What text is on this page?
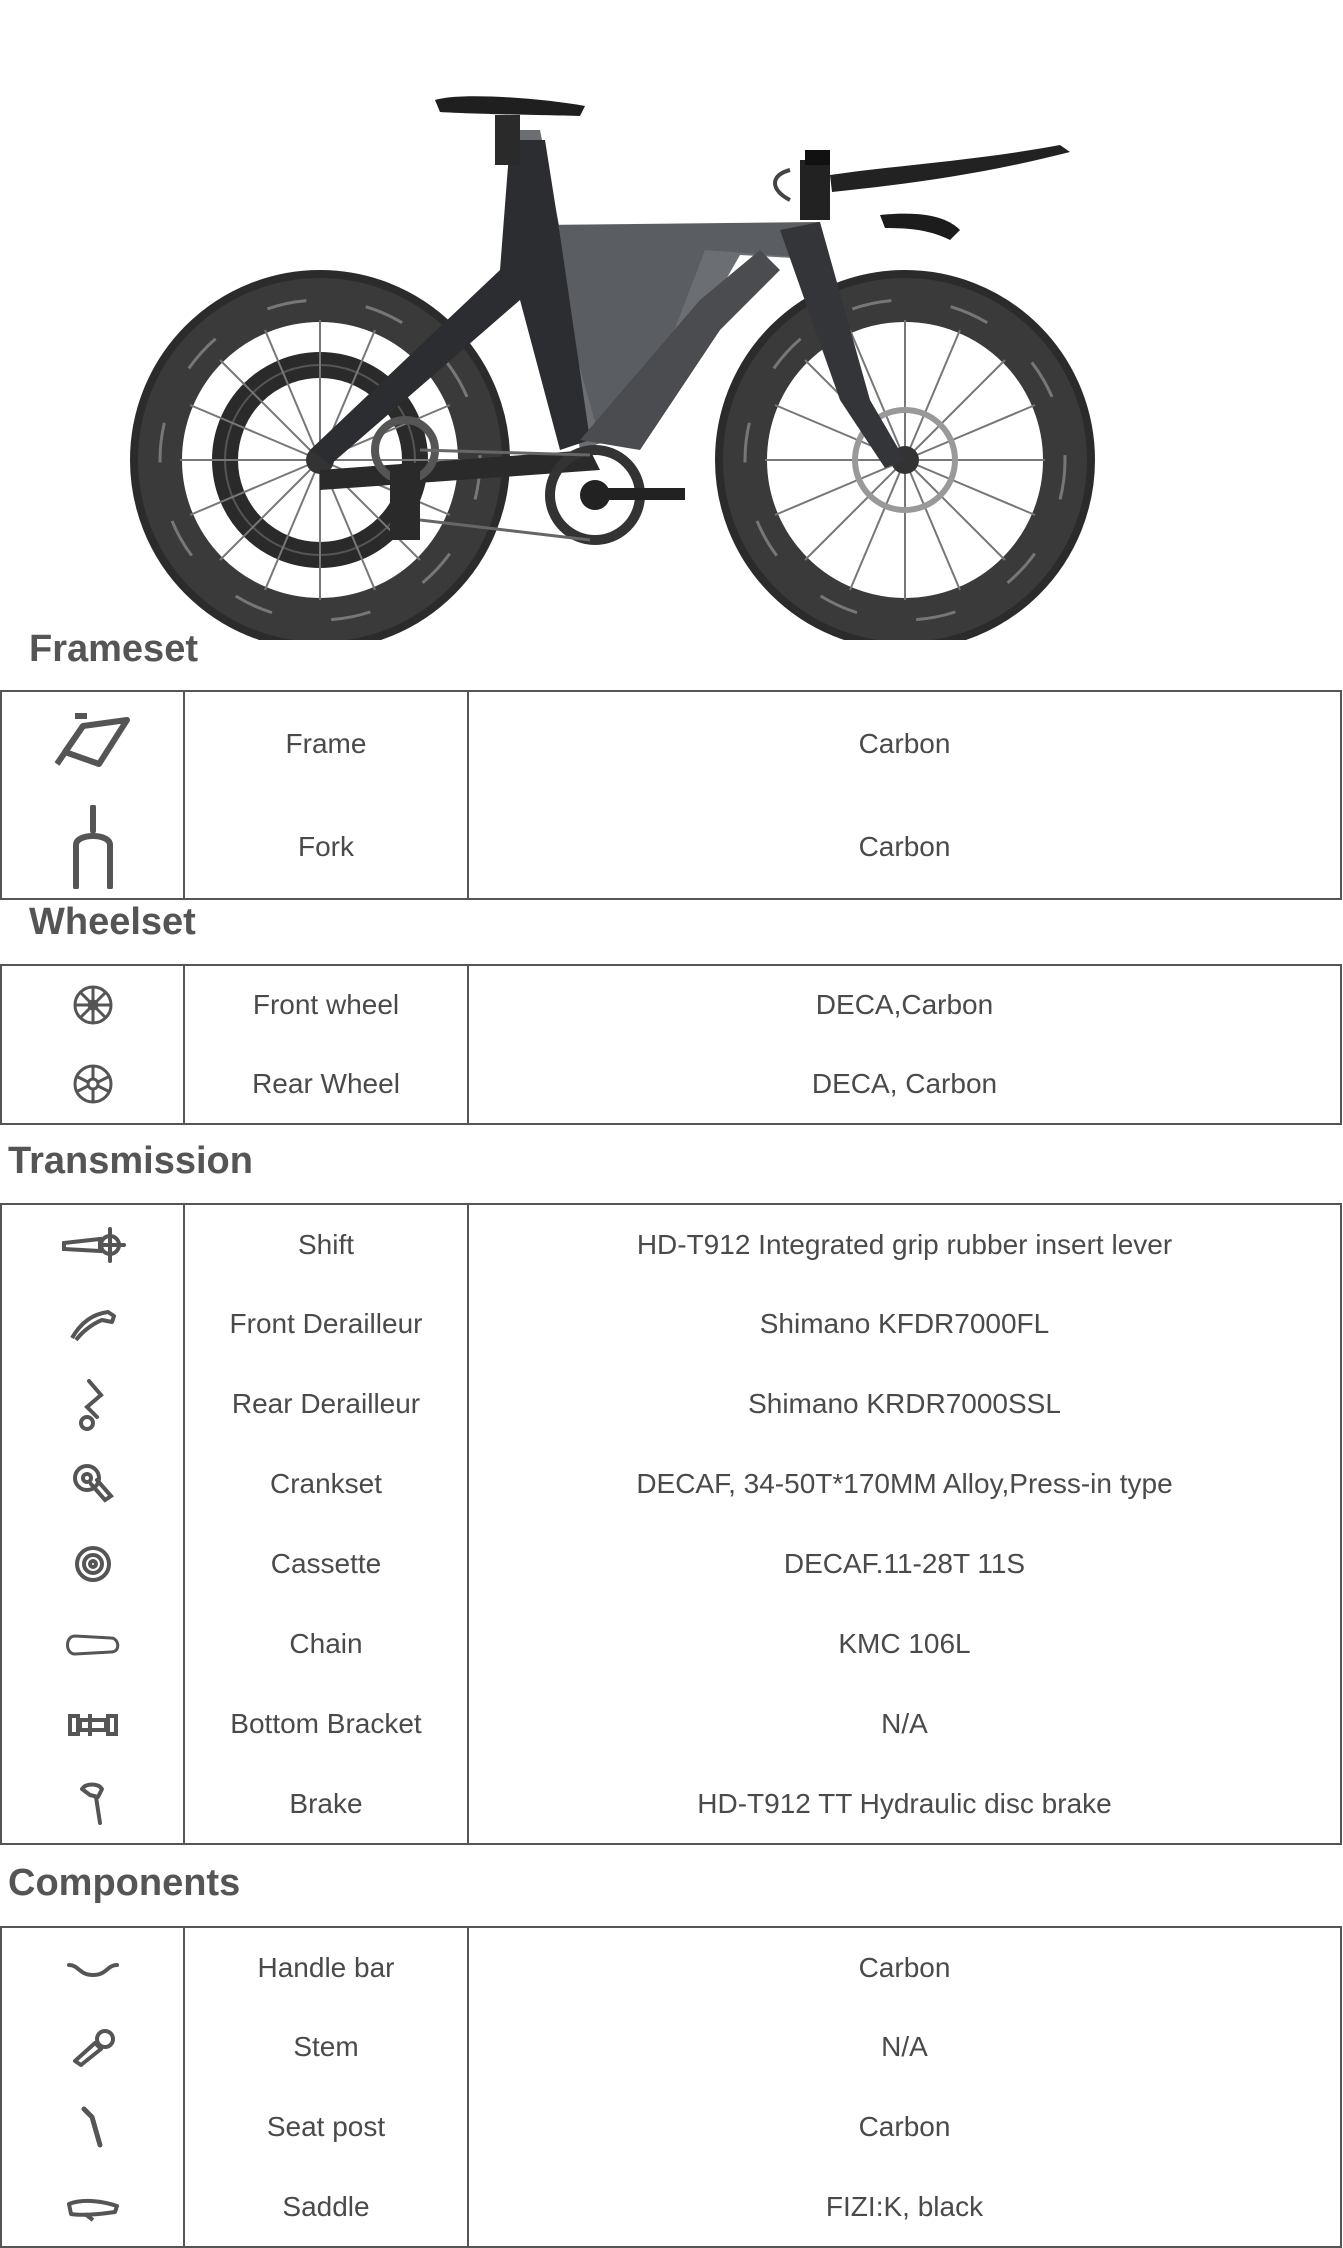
Frameset
	Frame	Carbon
	Fork	Carbon
Wheelset
	Front wheel	DECA,Carbon
	Rear Wheel	DECA, Carbon
Transmission
	Shift	HD-T912 Integrated grip rubber insert lever
	Front Derailleur	Shimano KFDR7000FL
	Rear Derailleur	Shimano KRDR7000SSL
	Crankset	DECAF, 34-50T*170MM Alloy,Press-in type
	Cassette	DECAF.11-28T 11S
	Chain	KMC 106L
	Bottom Bracket	N/A
	Brake	HD-T912 TT Hydraulic disc brake
Components
	Handle bar	Carbon
	Stem	N/A
	Seat post	Carbon
	Saddle	FIZI:K, black
